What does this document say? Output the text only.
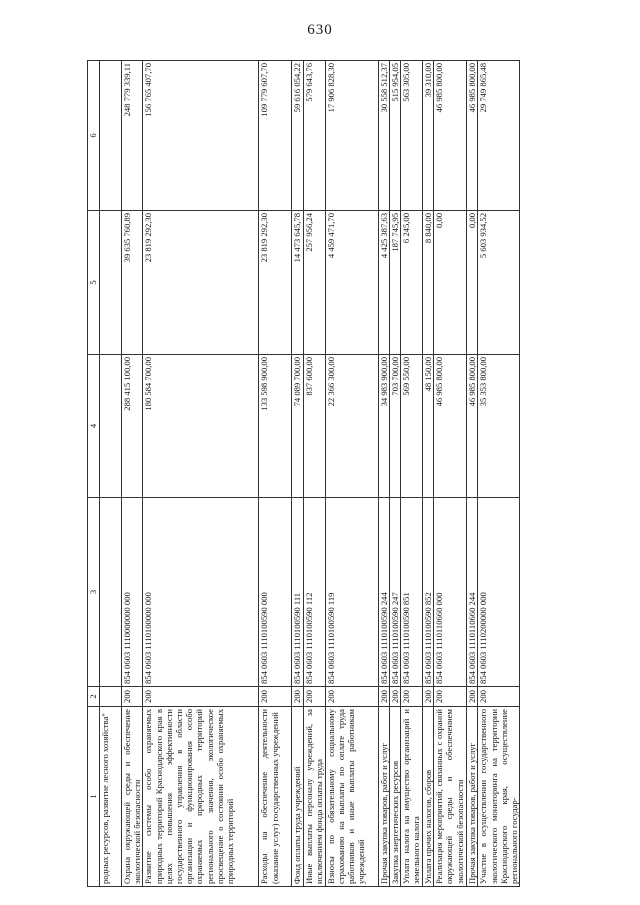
630
1	2	3	4	5	6
родных ресурсов, развитие лесного хозяйства"					
Охрана окружающей среды и обеспечение экологической безопасности	200	854 0603 1110000000 000	288 415 100,00	39 635 760,89	248 779 339,11
Развитие системы особо охраняемых природных территорий Краснодарского края в целях повышения эффективности государственного управления в области организации и функционирования особо охраняемых природных территорий регионального значения, экологическое просвещение о состоянии особо охраняемых природных территорий	200	854 0603 1110100000 000	180 584 700,00	23 819 292,30	156 765 407,70
Расходы на обеспечение деятельности (оказание услуг) государственных учреждений	200	854 0603 1110100590 000	133 598 900,00	23 819 292,30	109 779 607,70
Фонд оплаты труда учреждений	200	854 0603 1110100590 111	74 089 700,00	14 473 645,78	59 616 054,22
Иные выплаты персоналу учреждений, за исключением фонда оплаты труда	200	854 0603 1110100590 112	837 600,00	257 956,24	579 643,76
Взносы по обязательному социальному страхованию на выплаты по оплате труда работников и иные выплаты работникам учреждений	200	854 0603 1110100590 119	22 366 300,00	4 459 471,70	17 906 828,30
Прочая закупка товаров, работ и услуг	200	854 0603 1110100590 244	34 983 900,00	4 425 387,63	30 558 512,37
Закупка энергетических ресурсов	200	854 0603 1110100590 247	703 700,00	187 745,95	515 954,05
Уплата налога на имущество организаций и земельного налога	200	854 0603 1110100590 851	569 550,00	6 245,00	563 305,00
Уплата прочих налогов, сборов	200	854 0603 1110100590 852	48 150,00	8 840,00	39 310,00
Реализация мероприятий, связанных с охраной окружающей среды и обеспечением экологической безопасности	200	854 0603 1110110660 000	46 985 800,00	0,00	46 985 800,00
Прочая закупка товаров, работ и услуг	200	854 0603 1110110660 244	46 985 800,00	0,00	46 985 800,00
Участие в осуществлении государственного экологического мониторинга на территории Краснодарского края, осуществление регионального государ-	200	854 0603 1110200000 000	35 353 800,00	5 603 934,52	29 749 865,48
